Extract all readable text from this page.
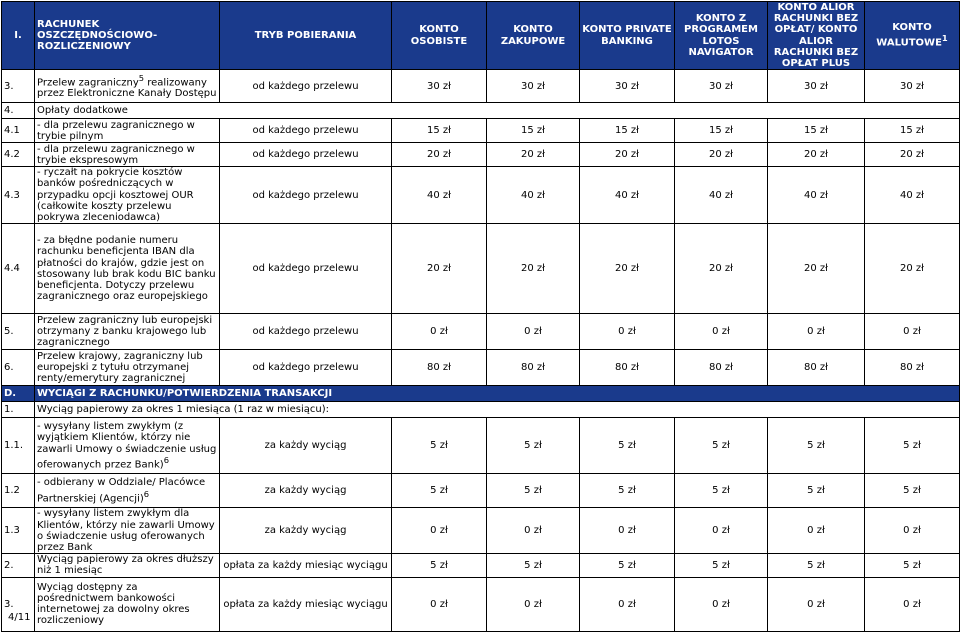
I.	RACHUNEK OSZCZĘDNOŚCIOWO-ROZLICZENIOWY	TRYB POBIERANIA	KONTO OSOBISTE	KONTO ZAKUPOWE	KONTO PRIVATE BANKING	KONTO Z PROGRAMEM LOTOS NAVIGATOR	KONTO ALIOR RACHUNKI BEZ OPŁAT/ KONTO ALIOR RACHUNKI BEZ OPŁAT PLUS	KONTO WALUTOWE$^1$
3.	Przelew zagraniczny$^5$ realizowany przez Elektroniczne Kanały Dostępu	od każdego przelewu	30 zł	30 zł	30 zł	30 zł	30 zł	30 zł
4.	Opłaty dodatkowe							
4.1	- dla przelewu zagranicznego w trybie pilnym	od każdego przelewu	15 zł	15 zł	15 zł	15 zł	15 zł	15 zł
4.2	- dla przelewu zagranicznego w trybie ekspresowym	od każdego przelewu	20 zł	20 zł	20 zł	20 zł	20 zł	20 zł
4.3	- ryczałt na pokrycie kosztów banków pośredniczących w przypadku opcji kosztowej OUR (całkowite koszty przelewu pokrywa zleceniodawca)	od każdego przelewu	40 zł	40 zł	40 zł	40 zł	40 zł	40 zł
4.4	- za błędne podanie numeru rachunku beneficjenta IBAN dla płatności do krajów, gdzie jest on stosowany lub brak kodu BIC banku beneficjenta. Dotyczy przelewu zagranicznego oraz europejskiego	od każdego przelewu	20 zł	20 zł	20 zł	20 zł	20 zł	20 zł
5.	Przelew zagraniczny lub europejski otrzymany z banku krajowego lub zagranicznego	od każdego przelewu	0 zł	0 zł	0 zł	0 zł	0 zł	0 zł
6.	Przelew krajowy, zagraniczny lub europejski z tytułu otrzymanej renty/emerytury zagranicznej	od każdego przelewu	80 zł	80 zł	80 zł	80 zł	80 zł	80 zł
D.	WYCIĄGI Z RACHUNKU/POTWIERDZENIA TRANSAKCJI							
1.	Wyciąg papierowy za okres 1 miesiąca (1 raz w miesiącu):							
1.1.	- wysyłany listem zwykłym (z wyjątkiem Klientów, którzy nie zawarli Umowy o świadczenie usług oferowanych przez Bank)$^6$	za każdy wyciąg	5 zł	5 zł	5 zł	5 zł	5 zł	5 zł
1.2	- odbierany w Oddziale/ Placówce Partnerskiej (Agencji)$^6$	za każdy wyciąg	5 zł	5 zł	5 zł	5 zł	5 zł	5 zł
1.3	- wysyłany listem zwykłym dla Klientów, którzy nie zawarli Umowy o świadczenie usług oferowanych przez Bank	za każdy wyciąg	0 zł	0 zł	0 zł	0 zł	0 zł	0 zł
2.	Wyciąg papierowy za okres dłuższy niż 1 miesiąc	opłata za każdy miesiąc wyciągu	5 zł	5 zł	5 zł	5 zł	5 zł	5 zł
3.	Wyciąg dostępny za pośrednictwem bankowości internetowej za dowolny okres rozliczeniowy	opłata za każdy miesiąc wyciągu	0 zł	0 zł	0 zł	0 zł	0 zł	0 zł
4/11
